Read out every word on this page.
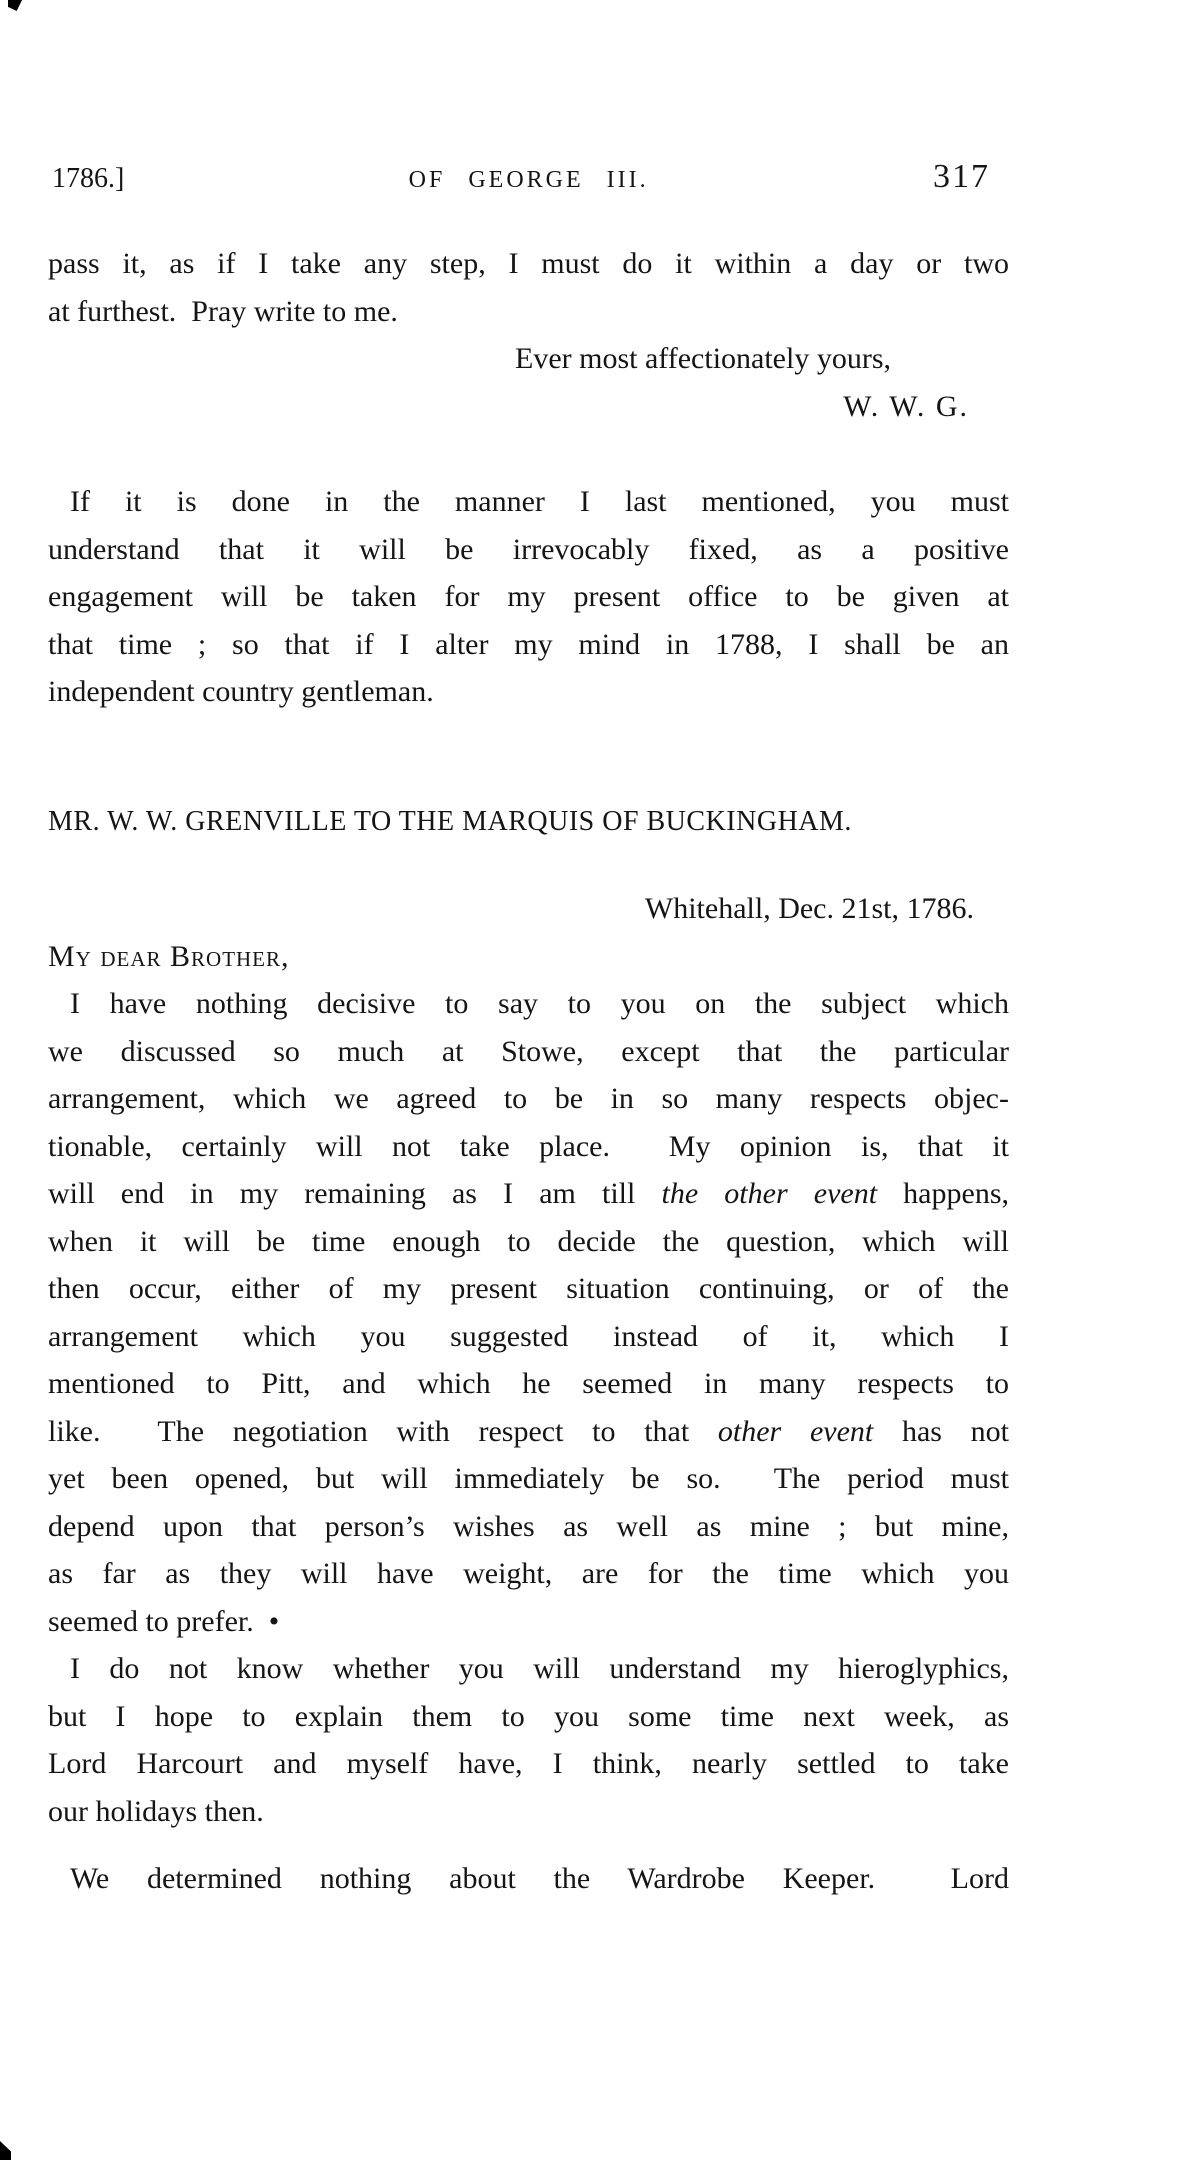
1786.]	OF GEORGE III.	317
pass it, as if I take any step, I must do it within a day or two
at furthest.  Pray write to me.
Ever most affectionately yours,
W. W. G.
If it is done in the manner I last mentioned, you must
understand that it will be irrevocably fixed, as a positive
engagement will be taken for my present office to be given at
that time ; so that if I alter my mind in 1788, I shall be an
independent country gentleman.
MR. W. W. GRENVILLE TO THE MARQUIS OF BUCKINGHAM.
Whitehall, Dec. 21st, 1786.
My dear Brother,
I have nothing decisive to say to you on the subject which
we discussed so much at Stowe, except that the particular
arrangement, which we agreed to be in so many respects objec-
tionable, certainly will not take place.  My opinion is, that it
will end in my remaining as I am till the other event happens,
when it will be time enough to decide the question, which will
then occur, either of my present situation continuing, or of the
arrangement which you suggested instead of it, which I
mentioned to Pitt, and which he seemed in many respects to
like.  The negotiation with respect to that other event has not
yet been opened, but will immediately be so.  The period must
depend upon that person’s wishes as well as mine ; but mine,
as far as they will have weight, are for the time which you
seemed to prefer.  •
I do not know whether you will understand my hieroglyphics,
but I hope to explain them to you some time next week, as
Lord Harcourt and myself have, I think, nearly settled to take
our holidays then.
We determined nothing about the Wardrobe Keeper.  Lord
